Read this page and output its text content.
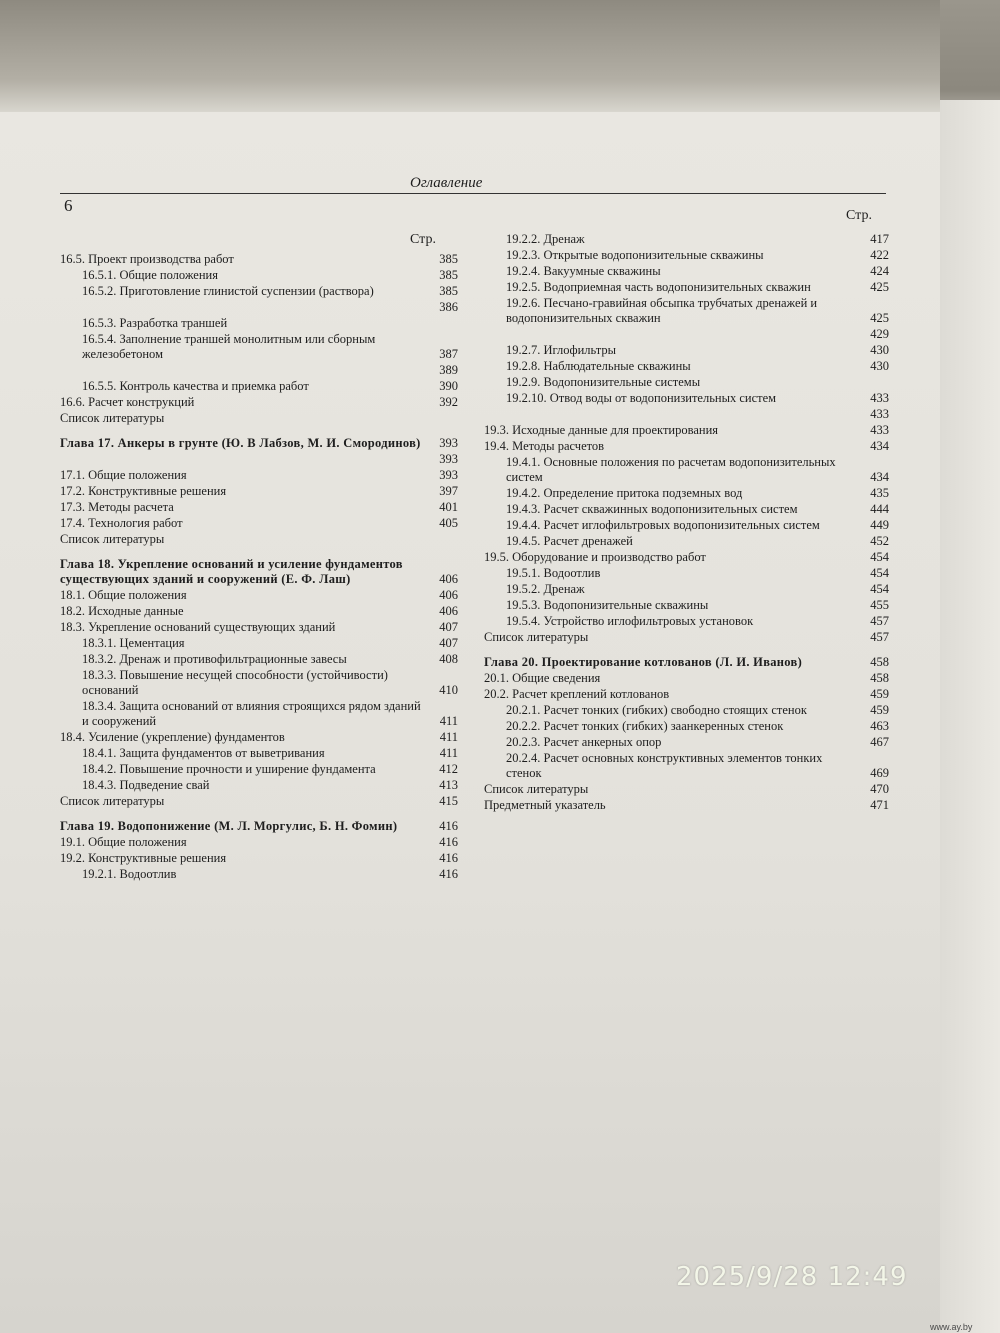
Оглавление
6
Стр.
Стр.
16.5. Проект производства работ	385
16.5.1. Общие положения	385
16.5.2. Приготовление глинистой суспензии (раствора)	385
386
16.5.3. Разработка траншей
16.5.4. Заполнение траншей монолитным или сборным железобетоном	387
389
16.5.5. Контроль качества и приемка работ	390
16.6. Расчет конструкций	392
Список литературы
Глава 17. Анкеры в грунте (Ю. В Лабзов, М. И. Смородинов)	393
393
17.1. Общие положения	393
17.2. Конструктивные решения	397
17.3. Методы расчета	401
17.4. Технология работ	405
Список литературы
Глава 18. Укрепление оснований и усиление фундаментов существующих зданий и сооружений (Е. Ф. Лаш)	406
18.1. Общие положения	406
18.2. Исходные данные	406
18.3. Укрепление оснований существующих зданий	407
18.3.1. Цементация	407
18.3.2. Дренаж и противофильтрационные завесы	408
18.3.3. Повышение несущей способности (устойчивости) оснований	410
18.3.4. Защита оснований от влияния строящихся рядом зданий и сооружений	411
18.4. Усиление (укрепление) фундаментов	411
18.4.1. Защита фундаментов от выветривания	411
18.4.2. Повышение прочности и уширение фундамента	412
18.4.3. Подведение свай	413
Список литературы	415
Глава 19. Водопонижение (М. Л. Моргулис, Б. Н. Фомин)	416
19.1. Общие положения	416
19.2. Конструктивные решения	416
19.2.1. Водоотлив	416
19.2.2. Дренаж	417
19.2.3. Открытые водопонизительные скважины	422
19.2.4. Вакуумные скважины	424
19.2.5. Водоприемная часть водопонизительных скважин	425
19.2.6. Песчано-гравийная обсыпка трубчатых дренажей и водопонизительных скважин	425
429
19.2.7. Иглофильтры	430
19.2.8. Наблюдательные скважины	430
19.2.9. Водопонизительные системы
19.2.10. Отвод воды от водопонизительных систем	433
433
19.3. Исходные данные для проектирования	433
19.4. Методы расчетов	434
19.4.1. Основные положения по расчетам водопонизительных систем	434
19.4.2. Определение притока подземных вод	435
19.4.3. Расчет скважинных водопонизительных систем	444
19.4.4. Расчет иглофильтровых водопонизительных систем	449
19.4.5. Расчет дренажей	452
19.5. Оборудование и производство работ	454
19.5.1. Водоотлив	454
19.5.2. Дренаж	454
19.5.3. Водопонизительные скважины	455
19.5.4. Устройство иглофильтровых установок	457
Список литературы	457
Глава 20. Проектирование котлованов (Л. И. Иванов)	458
20.1. Общие сведения	458
20.2. Расчет креплений котлованов	459
20.2.1. Расчет тонких (гибких) свободно стоящих стенок	459
20.2.2. Расчет тонких (гибких) заанкеренных стенок	463
20.2.3. Расчет анкерных опор	467
20.2.4. Расчет основных конструктивных элементов тонких стенок	469
Список литературы	470
Предметный указатель	471
2025/9/28 12:49
www.ay.by
